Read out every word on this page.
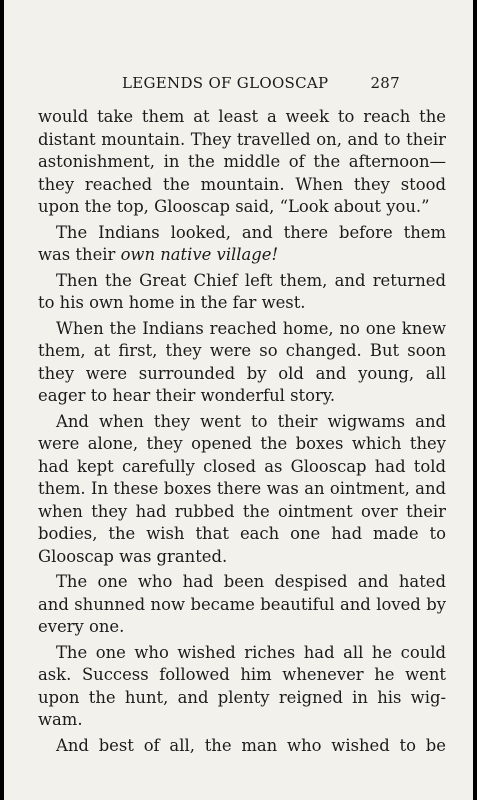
LEGENDS OF GLOOSCAP	287

would take them at least a week to reach the distant mountain. They travelled on, and to their astonishment, in the middle of the afternoon—they reached the mountain. When they stood upon the top, Glooscap said, “Look about you.”

The Indians looked, and there before them was their own native village!

Then the Great Chief left them, and returned to his own home in the far west.

When the Indians reached home, no one knew them, at first, they were so changed. But soon they were surrounded by old and young, all eager to hear their wonderful story.

And when they went to their wigwams and were alone, they opened the boxes which they had kept carefully closed as Glooscap had told them. In these boxes there was an ointment, and when they had rubbed the ointment over their bodies, the wish that each one had made to Glooscap was granted.

The one who had been despised and hated and shunned now became beautiful and loved by every one.

The one who wished riches had all he could ask. Success followed him whenever he went upon the hunt, and plenty reigned in his wigwam.

And best of all, the man who wished to be
